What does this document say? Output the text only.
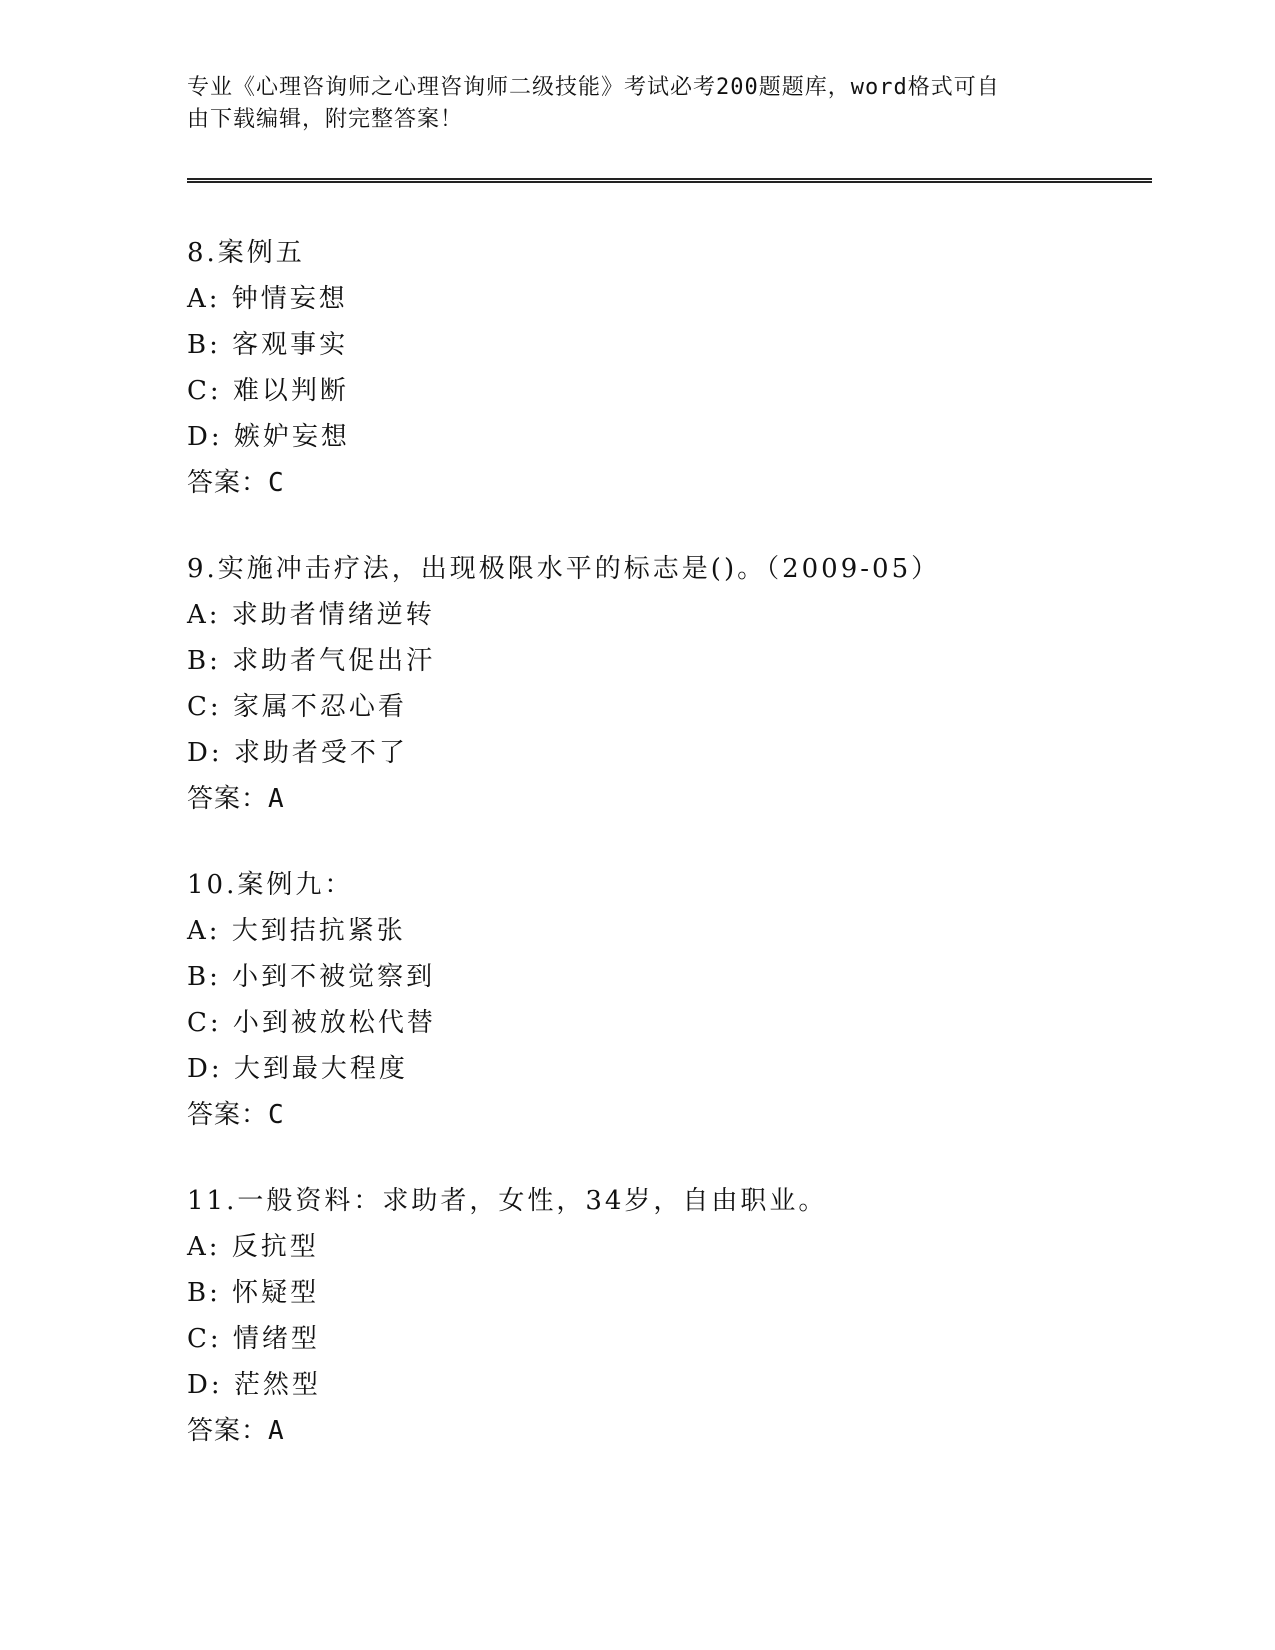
专业《心理咨询师之心理咨询师二级技能》考试必考200题题库，word格式可自
由下载编辑，附完整答案！
8.案例五
A: 钟情妄想
B: 客观事实
C: 难以判断
D: 嫉妒妄想
答案：C
9.实施冲击疗法，出现极限水平的标志是()。（2009-05）
A: 求助者情绪逆转
B: 求助者气促出汗
C: 家属不忍心看
D: 求助者受不了
答案：A
10.案例九：
A: 大到拮抗紧张
B: 小到不被觉察到
C: 小到被放松代替
D: 大到最大程度
答案：C
11.一般资料：求助者，女性，34岁，自由职业。
A: 反抗型
B: 怀疑型
C: 情绪型
D: 茫然型
答案：A
